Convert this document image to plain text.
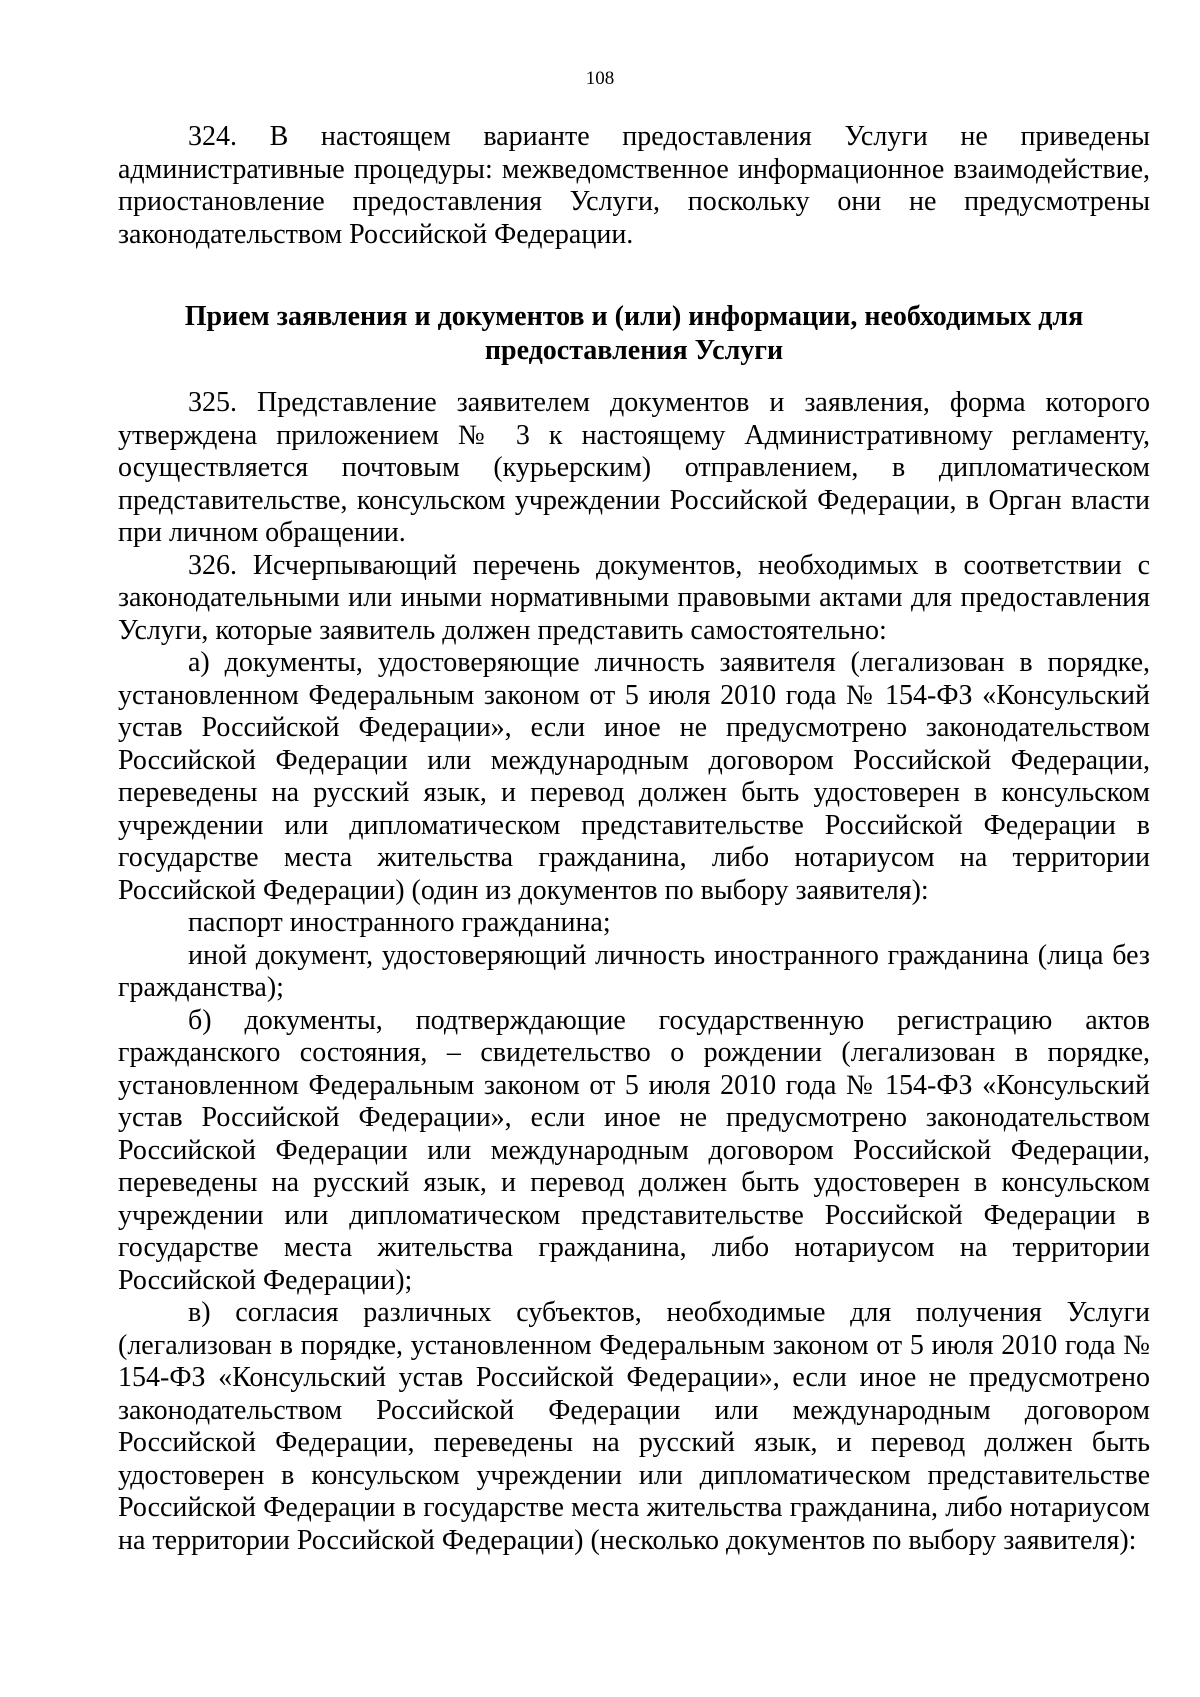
108

324. В настоящем варианте предоставления Услуги не приведены административные процедуры: межведомственное информационное взаимодействие, приостановление предоставления Услуги, поскольку они не предусмотрены законодательством Российской Федерации.

Прием заявления и документов и (или) информации, необходимых для предоставления Услуги

325. Представление заявителем документов и заявления, форма которого утверждена приложением № 3 к настоящему Административному регламенту, осуществляется почтовым (курьерским) отправлением, в дипломатическом представительстве, консульском учреждении Российской Федерации, в Орган власти при личном обращении.

326. Исчерпывающий перечень документов, необходимых в соответствии с законодательными или иными нормативными правовыми актами для предоставления Услуги, которые заявитель должен представить самостоятельно:

а) документы, удостоверяющие личность заявителя (легализован в порядке, установленном Федеральным законом от 5 июля 2010 года № 154-ФЗ «Консульский устав Российской Федерации», если иное не предусмотрено законодательством Российской Федерации или международным договором Российской Федерации, переведены на русский язык, и перевод должен быть удостоверен в консульском учреждении или дипломатическом представительстве Российской Федерации в государстве места жительства гражданина, либо нотариусом на территории Российской Федерации) (один из документов по выбору заявителя):

паспорт иностранного гражданина;

иной документ, удостоверяющий личность иностранного гражданина (лица без гражданства);

б) документы, подтверждающие государственную регистрацию актов гражданского состояния, – свидетельство о рождении (легализован в порядке, установленном Федеральным законом от 5 июля 2010 года № 154-ФЗ «Консульский устав Российской Федерации», если иное не предусмотрено законодательством Российской Федерации или международным договором Российской Федерации, переведены на русский язык, и перевод должен быть удостоверен в консульском учреждении или дипломатическом представительстве Российской Федерации в государстве места жительства гражданина, либо нотариусом на территории Российской Федерации);

в) согласия различных субъектов, необходимые для получения Услуги (легализован в порядке, установленном Федеральным законом от 5 июля 2010 года № 154-ФЗ «Консульский устав Российской Федерации», если иное не предусмотрено законодательством Российской Федерации или международным договором Российской Федерации, переведены на русский язык, и перевод должен быть удостоверен в консульском учреждении или дипломатическом представительстве Российской Федерации в государстве места жительства гражданина, либо нотариусом на территории Российской Федерации) (несколько документов по выбору заявителя):
